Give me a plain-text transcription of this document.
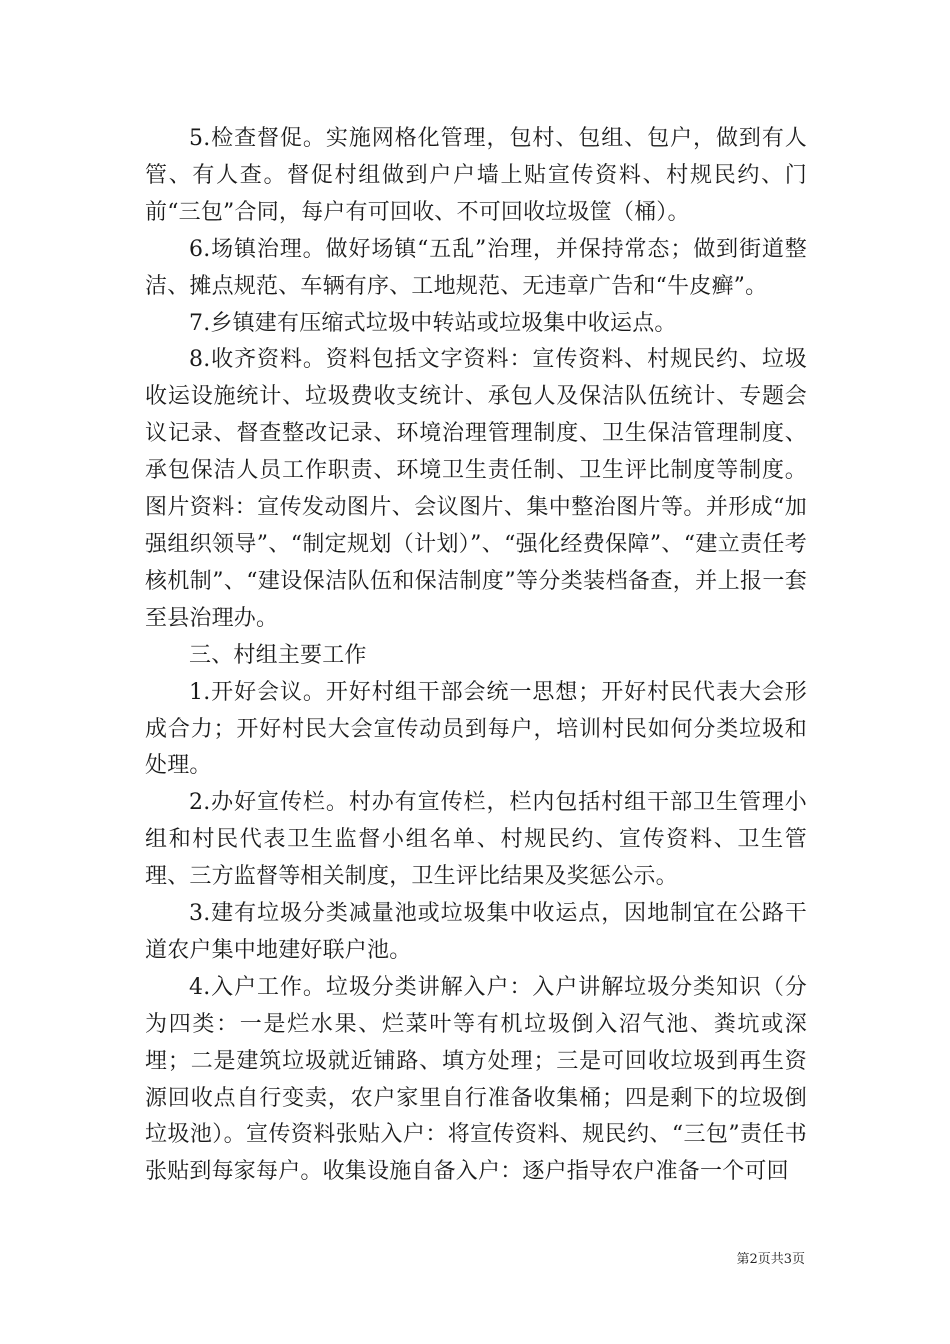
5.检查督促。实施网格化管理，包村、包组、包户，做到有人管、有人查。督促村组做到户户墙上贴宣传资料、村规民约、门前“三包”合同，每户有可回收、不可回收垃圾筐（桶）。

6.场镇治理。做好场镇“五乱”治理，并保持常态；做到街道整洁、摊点规范、车辆有序、工地规范、无违章广告和“牛皮癣”。

7.乡镇建有压缩式垃圾中转站或垃圾集中收运点。

8.收齐资料。资料包括文字资料：宣传资料、村规民约、垃圾收运设施统计、垃圾费收支统计、承包人及保洁队伍统计、专题会议记录、督查整改记录、环境治理管理制度、卫生保洁管理制度、承包保洁人员工作职责、环境卫生责任制、卫生评比制度等制度。图片资料：宣传发动图片、会议图片、集中整治图片等。并形成“加强组织领导”、“制定规划（计划）”、“强化经费保障”、“建立责任考核机制”、“建设保洁队伍和保洁制度”等分类装档备查，并上报一套至县治理办。

三、村组主要工作

1.开好会议。开好村组干部会统一思想；开好村民代表大会形成合力；开好村民大会宣传动员到每户，培训村民如何分类垃圾和处理。

2.办好宣传栏。村办有宣传栏，栏内包括村组干部卫生管理小组和村民代表卫生监督小组名单、村规民约、宣传资料、卫生管理、三方监督等相关制度，卫生评比结果及奖惩公示。

3.建有垃圾分类减量池或垃圾集中收运点，因地制宜在公路干道农户集中地建好联户池。

4.入户工作。垃圾分类讲解入户：入户讲解垃圾分类知识（分为四类：一是烂水果、烂菜叶等有机垃圾倒入沼气池、粪坑或深埋；二是建筑垃圾就近铺路、填方处理；三是可回收垃圾到再生资源回收点自行变卖，农户家里自行准备收集桶；四是剩下的垃圾倒垃圾池）。宣传资料张贴入户：将宣传资料、规民约、“三包”责任书张贴到每家每户。收集设施自备入户：逐户指导农户准备一个可回

第2页共3页
